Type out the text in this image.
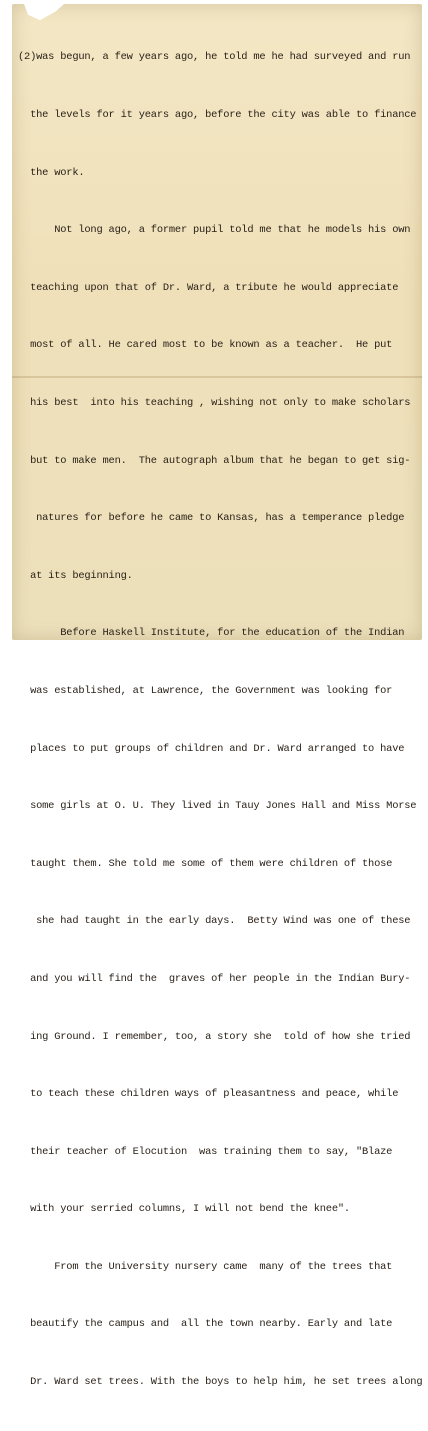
(2)was begun, a few years ago, he told me he had surveyed and run

the levels for it years ago, before the city was able to finance

the work.

Not long ago, a former pupil told me that he models his own

teaching upon that of Dr. Ward, a tribute he would appreciate

most of all. He cared most to be known as a teacher.  He put

his best  into his teaching , wishing not only to make scholars

but to make men.  The autograph album that he began to get sig-

natures for before he came to Kansas, has a temperance pledge

at its beginning.

Before Haskell Institute, for the education of the Indian

was established, at Lawrence, the Government was looking for

places to put groups of children and Dr. Ward arranged to have

some girls at O. U. They lived in Tauy Jones Hall and Miss Morse

taught them. She told me some of them were children of those

she had taught in the early days.  Betty Wind was one of these

and you will find the  graves of her people in the Indian Bury-

ing Ground. I remember, too, a story she  told of how she tried

to teach these children ways of pleasantness and peace, while

their teacher of Elocution  was training them to say, "Blaze

with your serried columns, I will not bend the knee".

From the University nursery came  many of the trees that

beautify the campus and  all the town nearby. Early and late

Dr. Ward set trees. With the boys to help him, he set trees along
